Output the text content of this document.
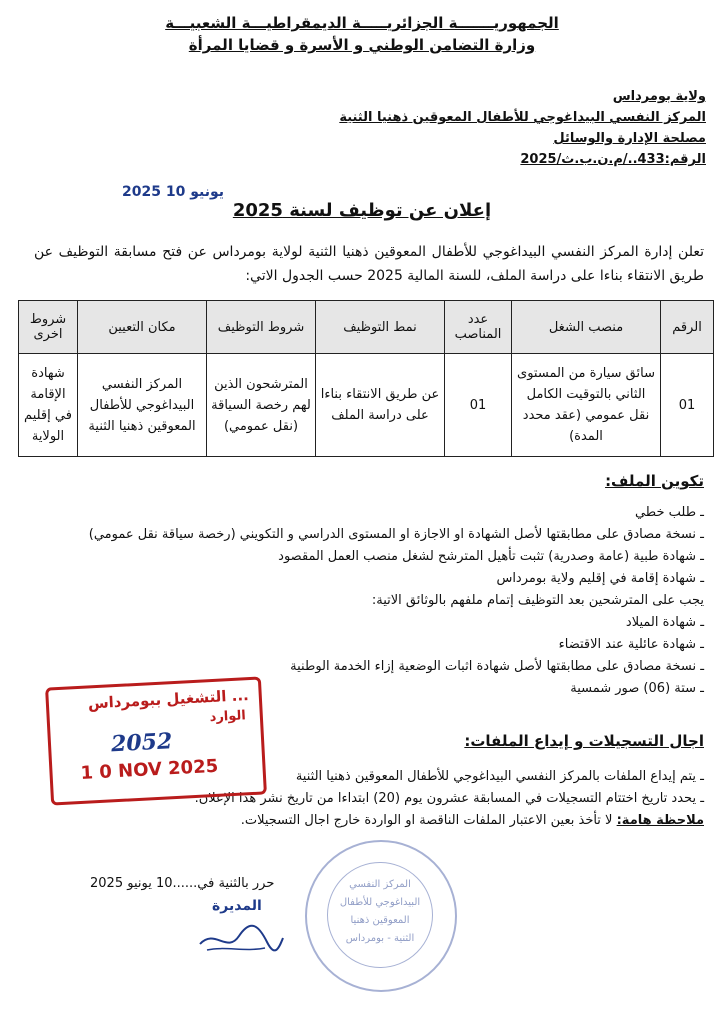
الجمهوريـــــــة الجزائريـــــة الديمقراطيـــة الشعبيـــة
وزارة التضامن الوطني و الأسرة و قضايا المرأة
ولاية بومرداس
المركز النفسي البيداغوجي للأطفال المعوقين ذهنيا الثنية
مصلحة الإدارة والوسائل
الرقم:433../م.ن.ب.ث/2025
2025 يونيو 10
إعلان عن توظيف لسنة 2025
تعلن إدارة المركز النفسي البيداغوجي للأطفال المعوقين ذهنيا الثنية لولاية بومرداس عن فتح مسابقة التوظيف عن طريق الانتقاء بناءا على دراسة الملف، للسنة المالية 2025 حسب الجدول الاتي:
الرقم	منصب الشغل	عدد المناصب	نمط التوظيف	شروط التوظيف	مكان التعيين	شروط اخرى
01	سائق سيارة من المستوى الثاني بالتوقيت الكامل نقل عمومي (عقد محدد المدة)	01	عن طريق الانتقاء بناءا على دراسة الملف	المترشحون الذين لهم رخصة السياقة (نقل عمومي)	المركز النفسي البيداغوجي للأطفال المعوقين ذهنيا الثنية	شهادة الإقامة في إقليم الولاية
تكوين الملف:
ـ طلب خطي
ـ نسخة مصادق على مطابقتها لأصل الشهادة او الاجازة او المستوى الدراسي و التكويني (رخصة سياقة نقل عمومي)
ـ شهادة طبية (عامة وصدرية) تثبت تأهيل المترشح لشغل منصب العمل المقصود
ـ شهادة إقامة في إقليم ولاية بومرداس
يجب على المترشحين بعد التوظيف إتمام ملفهم بالوثائق الاتية:
ـ شهادة الميلاد
ـ شهادة عائلية عند الاقتضاء
ـ نسخة مصادق على مطابقتها لأصل شهادة اثبات الوضعية إزاء الخدمة الوطنية
ـ ستة (06) صور شمسية
اجال التسجيلات و إيداع الملفات:
ـ يتم إيداع الملفات بالمركز النفسي البيداغوجي للأطفال المعوقين ذهنيا الثنية
ـ يحدد تاريخ اختتام التسجيلات في المسابقة عشرون يوم (20) ابتداءا من تاريخ نشر هذا الإعلان.
ملاحظة هامة: لا تأخذ بعين الاعتبار الملفات الناقصة او الواردة خارج اجال التسجيلات.
... التشغيل ببومرداس
الوارد
2052
1 0 NOV 2025
حرر بالثنية في......10 يونيو 2025
المديرة
المركز النفسي
البيداغوجي للأطفال
المعوقين ذهنيا
الثنية - بومرداس
